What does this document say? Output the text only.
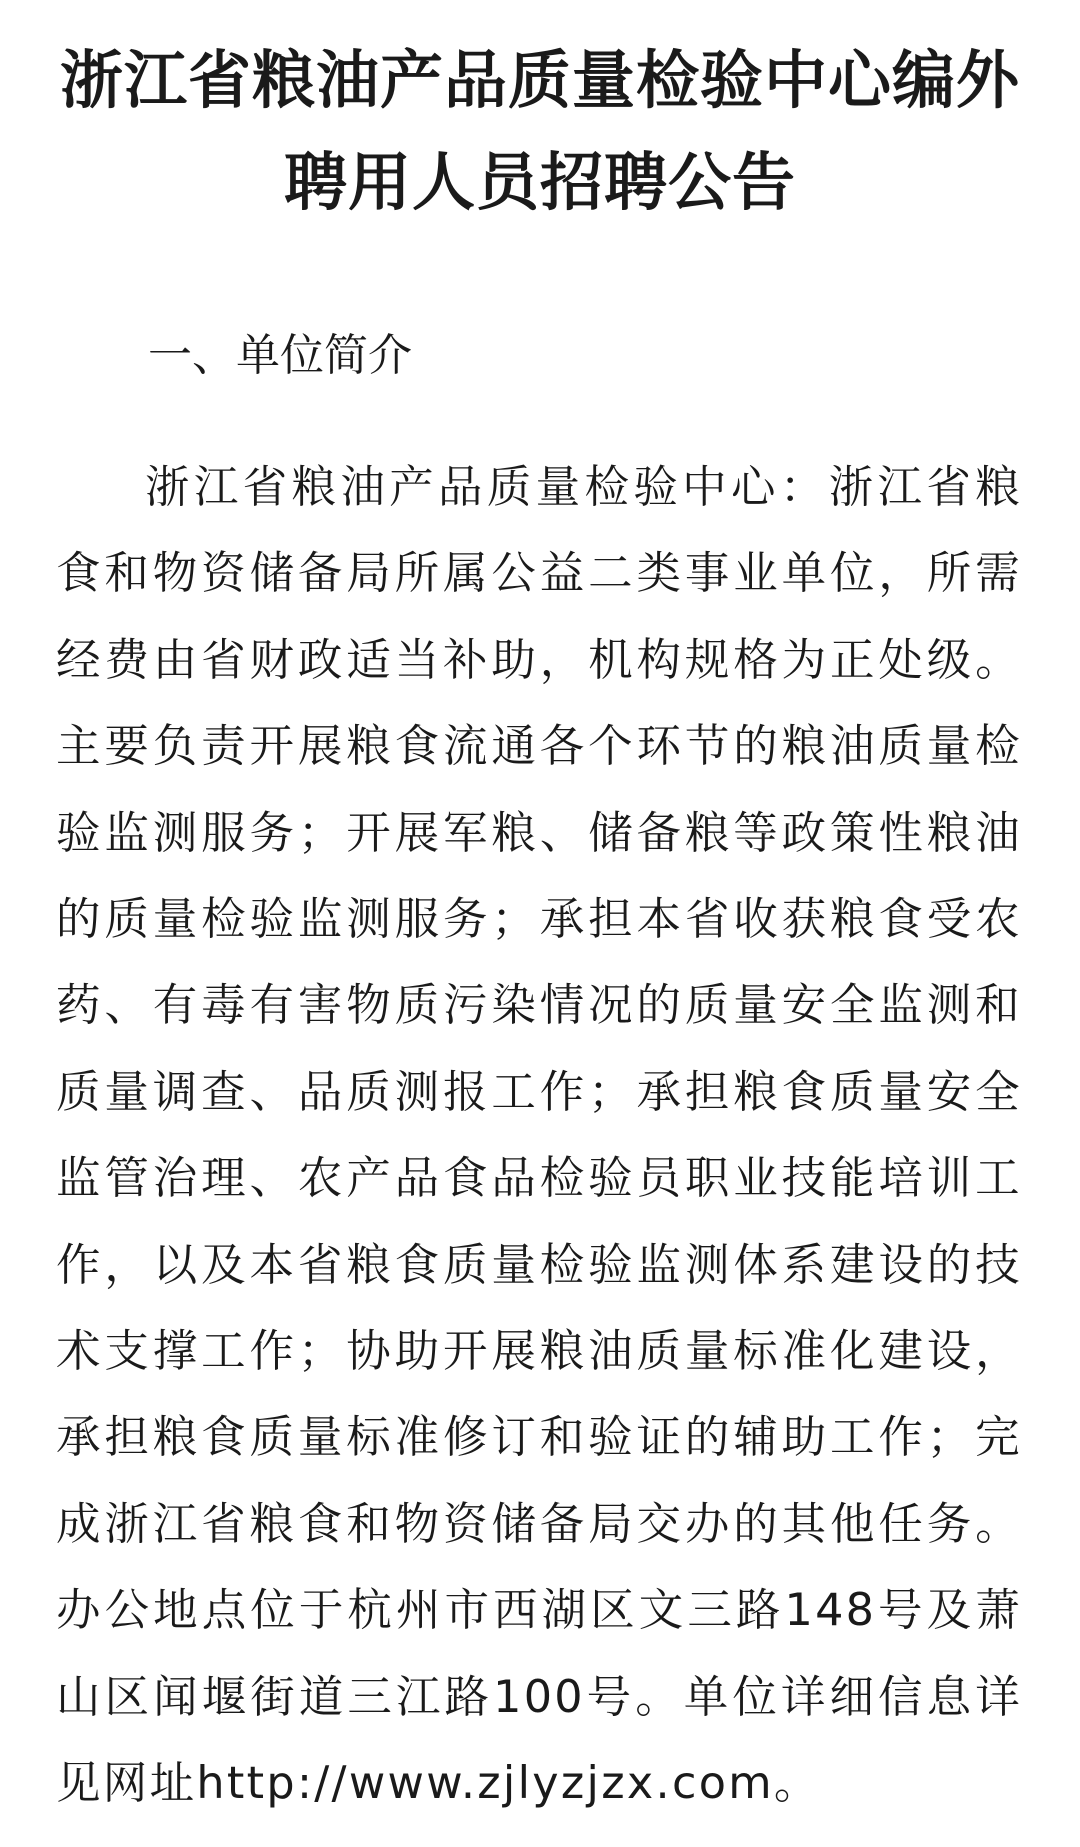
浙江省粮油产品质量检验中心编外聘用人员招聘公告
一、单位简介

浙江省粮油产品质量检验中心：浙江省粮食和物资储备局所属公益二类事业单位，所需经费由省财政适当补助，机构规格为正处级。主要负责开展粮食流通各个环节的粮油质量检验监测服务；开展军粮、储备粮等政策性粮油的质量检验监测服务；承担本省收获粮食受农药、有毒有害物质污染情况的质量安全监测和质量调查、品质测报工作；承担粮食质量安全监管治理、农产品食品检验员职业技能培训工作，以及本省粮食质量检验监测体系建设的技术支撑工作；协助开展粮油质量标准化建设，承担粮食质量标准修订和验证的辅助工作；完成浙江省粮食和物资储备局交办的其他任务。办公地点位于杭州市西湖区文三路148号及萧山区闻堰街道三江路100号。单位详细信息详见网址http://www.zjlyzjzx.com。
